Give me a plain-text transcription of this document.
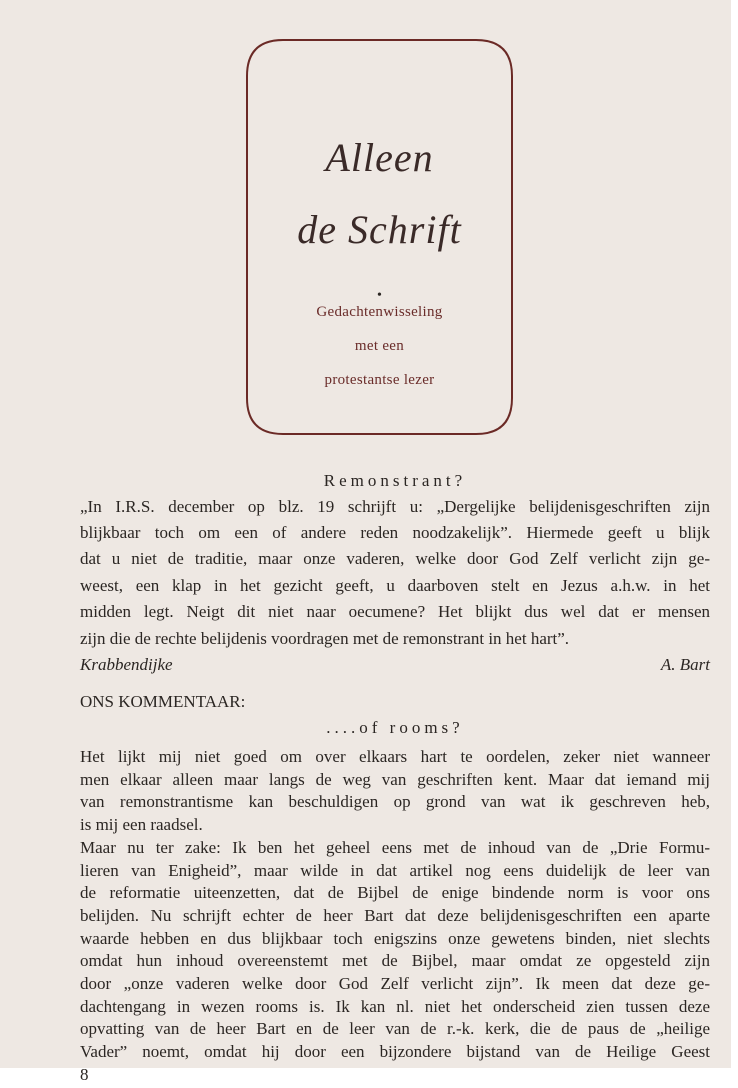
Alleen
de Schrift
•
Gedachtenwisseling
met een
protestantse lezer
Remonstrant?
„In I.R.S. december op blz. 19 schrijft u: „Dergelijke belijdenisgeschriften zijn
blijkbaar toch om een of andere reden noodzakelijk”. Hiermede geeft u blijk
dat u niet de traditie, maar onze vaderen, welke door God Zelf verlicht zijn ge-
weest, een klap in het gezicht geeft, u daarboven stelt en Jezus a.h.w. in het
midden legt. Neigt dit niet naar oecumene? Het blijkt dus wel dat er mensen
zijn die de rechte belijdenis voordragen met de remonstrant in het hart”.
Krabbendijke	A. Bart
ONS KOMMENTAAR:
....of rooms?
Het lijkt mij niet goed om over elkaars hart te oordelen, zeker niet wanneer
men elkaar alleen maar langs de weg van geschriften kent. Maar dat iemand mij
van remonstrantisme kan beschuldigen op grond van wat ik geschreven heb,
is mij een raadsel.
Maar nu ter zake: Ik ben het geheel eens met de inhoud van de „Drie Formu-
lieren van Enigheid”, maar wilde in dat artikel nog eens duidelijk de leer van
de reformatie uiteenzetten, dat de Bijbel de enige bindende norm is voor ons
belijden. Nu schrijft echter de heer Bart dat deze belijdenisgeschriften een aparte
waarde hebben en dus blijkbaar toch enigszins onze gewetens binden, niet slechts
omdat hun inhoud overeenstemt met de Bijbel, maar omdat ze opgesteld zijn
door „onze vaderen welke door God Zelf verlicht zijn”. Ik meen dat deze ge-
dachtengang in wezen rooms is. Ik kan nl. niet het onderscheid zien tussen deze
opvatting van de heer Bart en de leer van de r.-k. kerk, die de paus de „heilige
Vader” noemt, omdat hij door een bijzondere bijstand van de Heilige Geest
8
